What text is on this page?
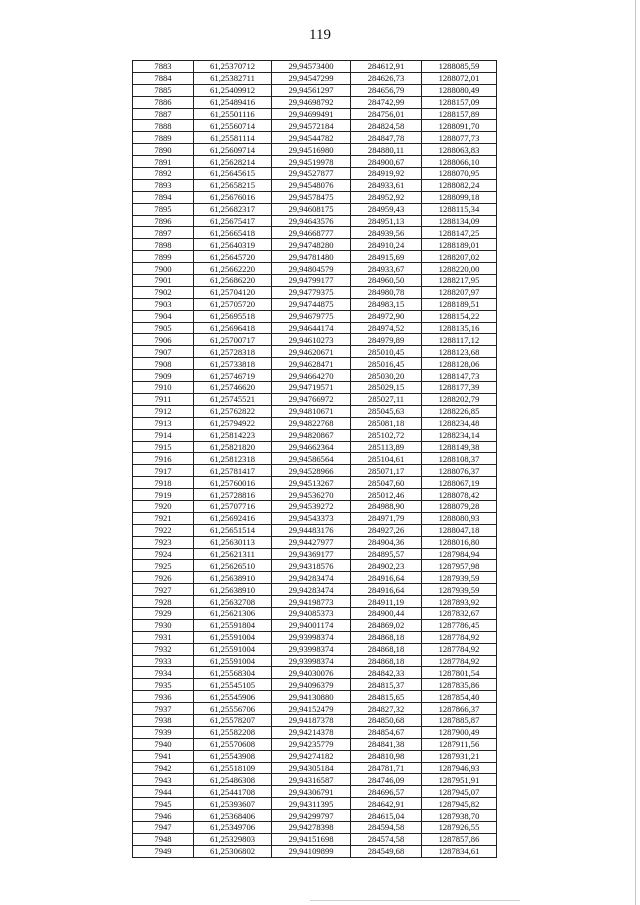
119
7883	61,25370712	29,94573400	284612,91	1288085,59
7884	61,25382711	29,94547299	284626,73	1288072,01
7885	61,25409912	29,94561297	284656,79	1288080,49
7886	61,25489416	29,94698792	284742,99	1288157,09
7887	61,25501116	29,94699491	284756,01	1288157,89
7888	61,25560714	29,94572184	284824,58	1288091,70
7889	61,25581114	29,94544782	284847,78	1288077,73
7890	61,25609714	29,94516980	284880,11	1288063,83
7891	61,25628214	29,94519978	284900,67	1288066,10
7892	61,25645615	29,94527877	284919,92	1288070,95
7893	61,25658215	29,94548076	284933,61	1288082,24
7894	61,25676016	29,94578475	284952,92	1288099,18
7895	61,25682317	29,94608175	284959,43	1288115,34
7896	61,25675417	29,94643576	284951,13	1288134,09
7897	61,25665418	29,94668777	284939,56	1288147,25
7898	61,25640319	29,94748280	284910,24	1288189,01
7899	61,25645720	29,94781480	284915,69	1288207,02
7900	61,25662220	29,94804579	284933,67	1288220,00
7901	61,25686220	29,94799177	284960,50	1288217,95
7902	61,25704120	29,94779375	284980,78	1288207,97
7903	61,25705720	29,94744875	284983,15	1288189,51
7904	61,25695518	29,94679775	284972,90	1288154,22
7905	61,25696418	29,94644174	284974,52	1288135,16
7906	61,25700717	29,94610273	284979,89	1288117,12
7907	61,25728318	29,94620671	285010,45	1288123,68
7908	61,25733818	29,94628471	285016,45	1288128,06
7909	61,25746719	29,94664270	285030,20	1288147,73
7910	61,25746620	29,94719571	285029,15	1288177,39
7911	61,25745521	29,94766972	285027,11	1288202,79
7912	61,25762822	29,94810671	285045,63	1288226,85
7913	61,25794922	29,94822768	285081,18	1288234,48
7914	61,25814223	29,94820867	285102,72	1288234,14
7915	61,25821820	29,94662364	285113,89	1288149,38
7916	61,25812318	29,94586564	285104,61	1288108,37
7917	61,25781417	29,94528966	285071,17	1288076,37
7918	61,25760016	29,94513267	285047,60	1288067,19
7919	61,25728816	29,94536270	285012,46	1288078,42
7920	61,25707716	29,94539272	284988,90	1288079,28
7921	61,25692416	29,94543373	284971,79	1288080,93
7922	61,25651514	29,94483176	284927,26	1288047,18
7923	61,25630113	29,94427977	284904,36	1288016,80
7924	61,25621311	29,94369177	284895,57	1287984,94
7925	61,25626510	29,94318576	284902,23	1287957,98
7926	61,25638910	29,94283474	284916,64	1287939,59
7927	61,25638910	29,94283474	284916,64	1287939,59
7928	61,25632708	29,94198773	284911,19	1287893,92
7929	61,25621306	29,94085373	284900,44	1287832,67
7930	61,25591804	29,94001174	284869,02	1287786,45
7931	61,25591004	29,93998374	284868,18	1287784,92
7932	61,25591004	29,93998374	284868,18	1287784,92
7933	61,25591004	29,93998374	284868,18	1287784,92
7934	61,25568304	29,94030076	284842,33	1287801,54
7935	61,25545105	29,94096379	284815,37	1287835,86
7936	61,25545906	29,94130880	284815,65	1287854,40
7937	61,25556706	29,94152479	284827,32	1287866,37
7938	61,25578207	29,94187378	284850,68	1287885,87
7939	61,25582208	29,94214378	284854,67	1287900,49
7940	61,25570608	29,94235779	284841,38	1287911,56
7941	61,25543908	29,94274182	284810,98	1287931,21
7942	61,25518109	29,94305184	284781,71	1287946,93
7943	61,25486308	29,94316587	284746,09	1287951,91
7944	61,25441708	29,94306791	284696,57	1287945,07
7945	61,25393607	29,94311395	284642,91	1287945,82
7946	61,25368406	29,94299797	284615,04	1287938,70
7947	61,25349706	29,94278398	284594,58	1287926,55
7948	61,25329803	29,94151698	284574,58	1287857,86
7949	61,25306802	29,94109899	284549,68	1287834,61
